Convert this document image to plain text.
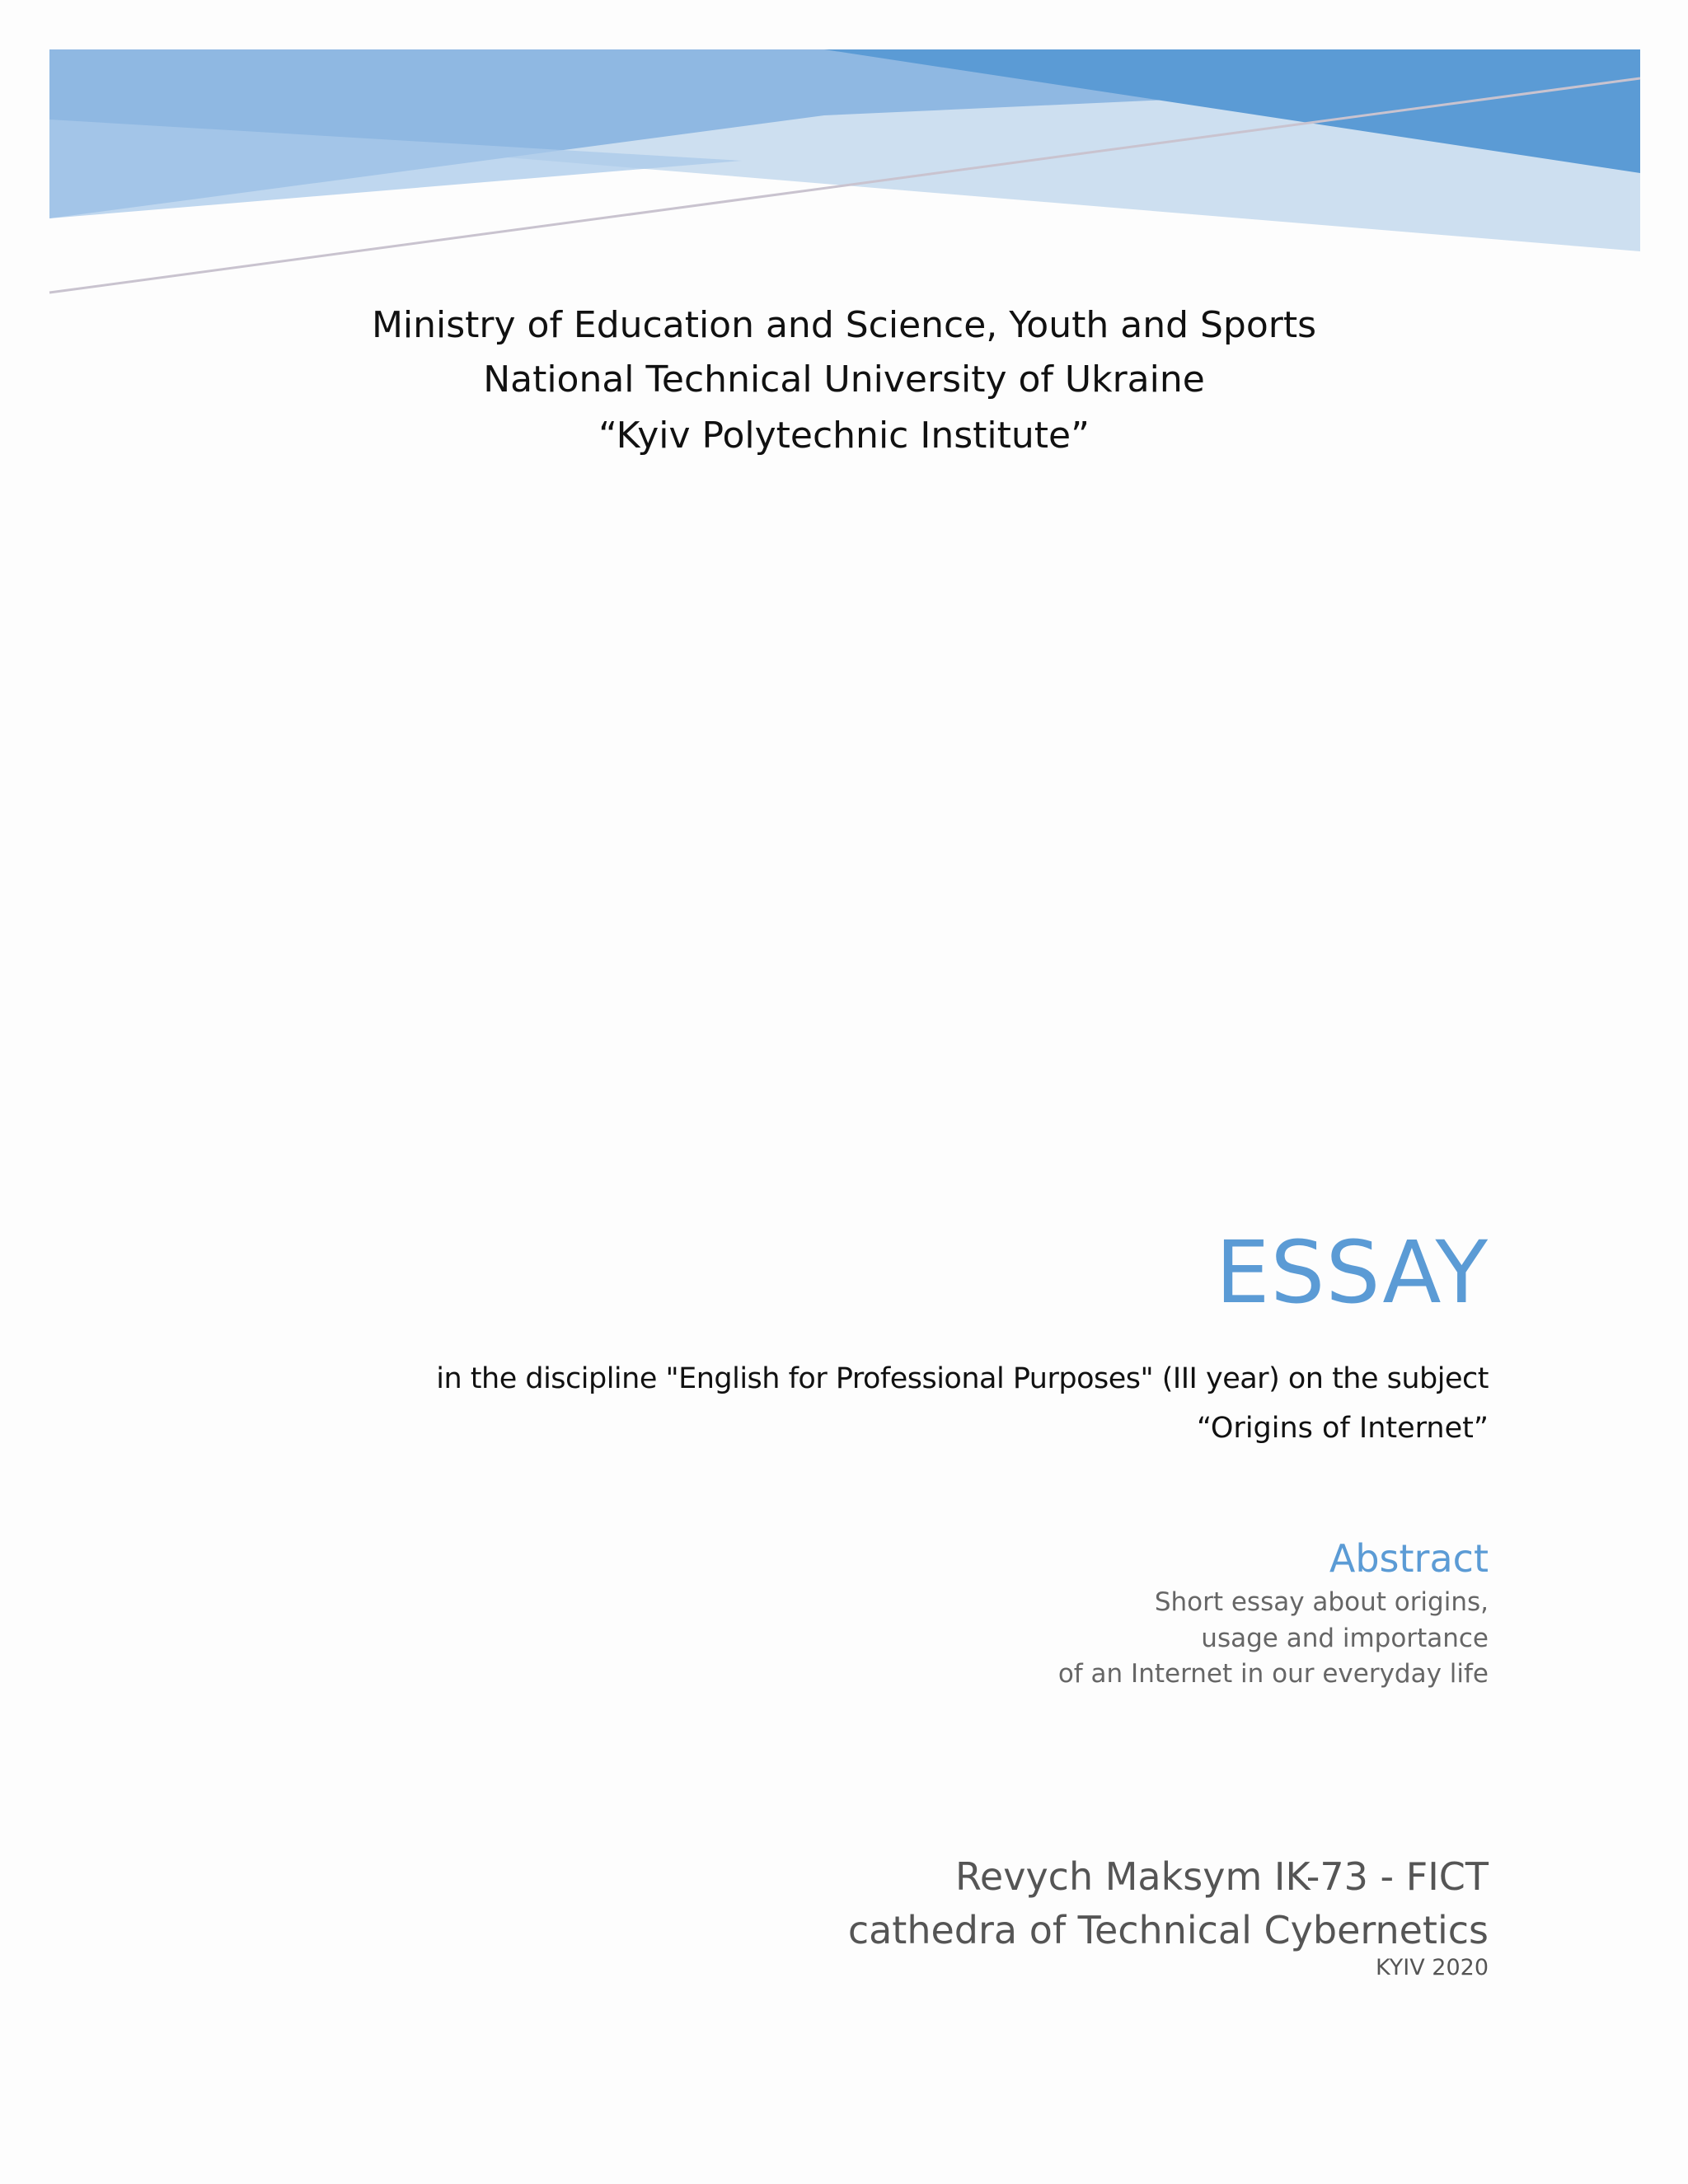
Ministry of Education and Science, Youth and Sports
National Technical University of Ukraine
“Kyiv Polytechnic Institute”
ESSAY
in the discipline "English for Professional Purposes" (III year) on the subject
“Origins of Internet”
Abstract
Short essay about origins,
usage and importance
of an Internet in our everyday life
Revych Maksym IK-73 - FICT
cathedra of Technical Cybernetics
KYIV 2020
